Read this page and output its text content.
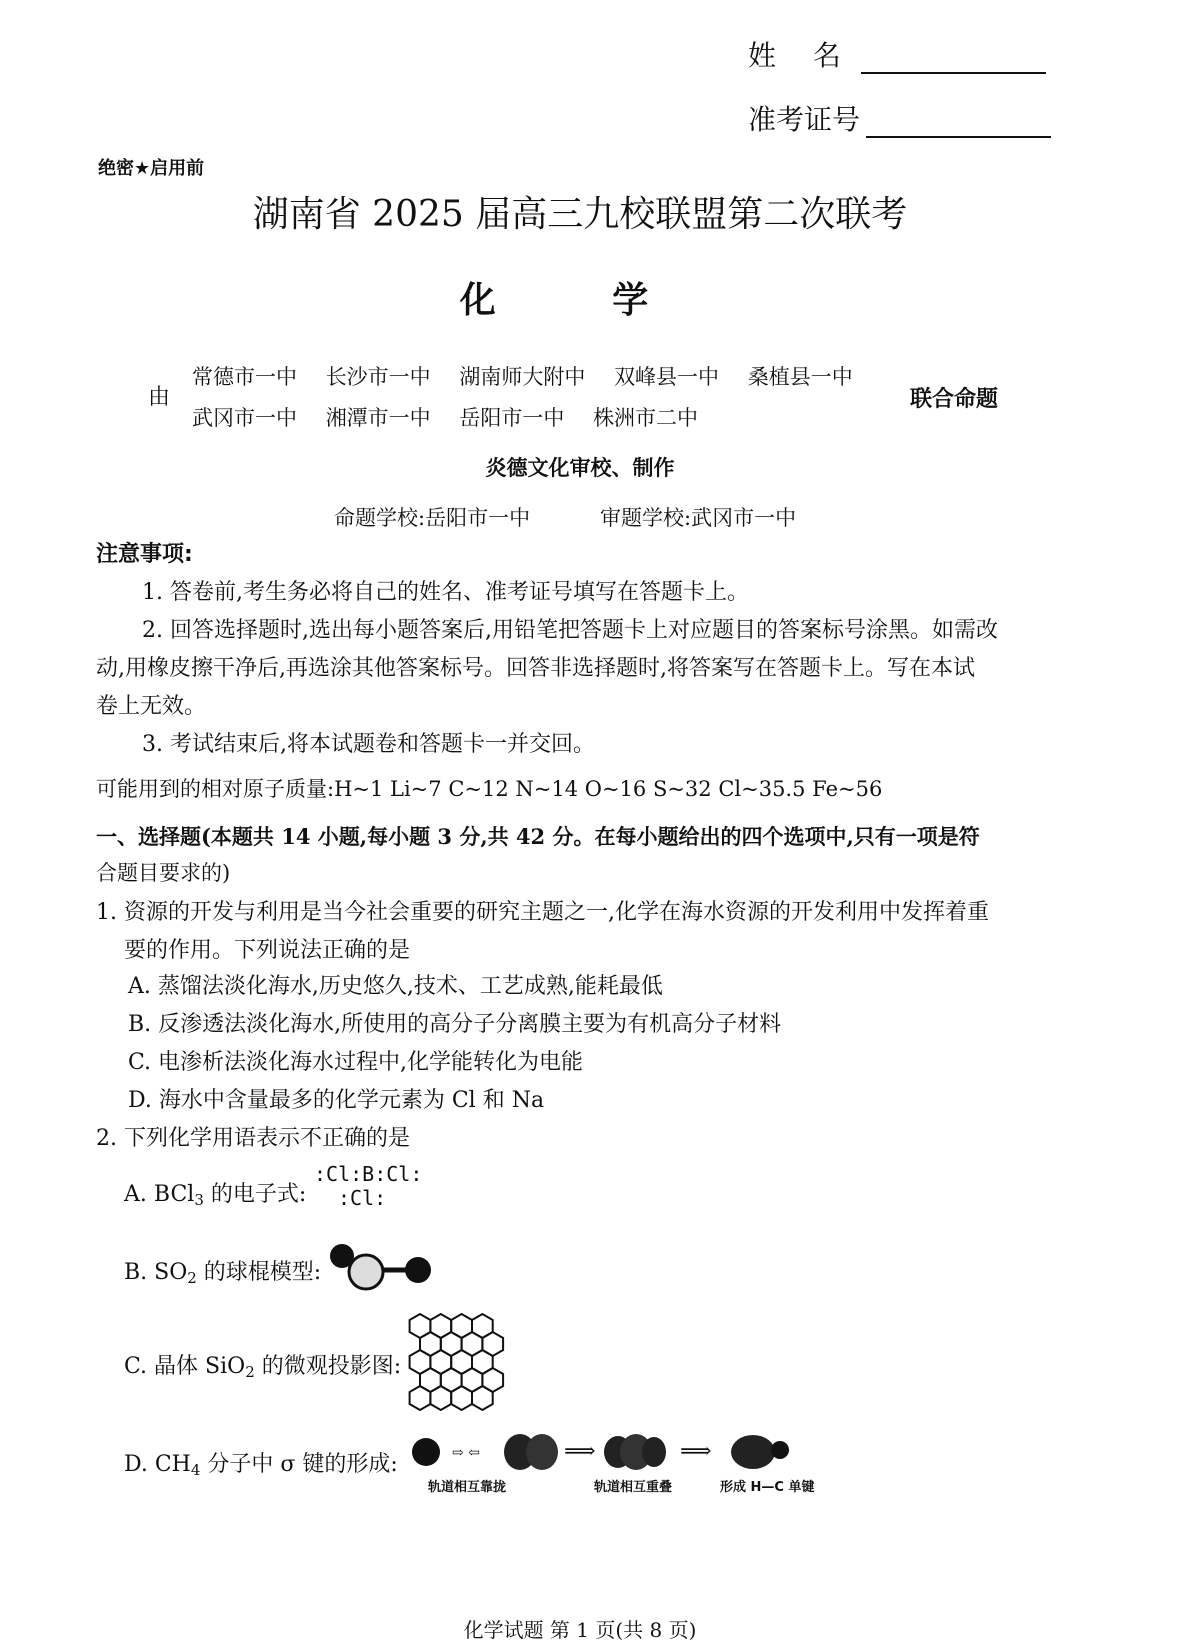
姓 名
准考证号
绝密★启用前
湖南省 2025 届高三九校联盟第二次联考
化 学
由
常德市一中 长沙市一中 湖南师大附中 双峰县一中 桑植县一中
武冈市一中 湘潭市一中 岳阳市一中 株洲市二中
联合命题
炎德文化审校、制作
命题学校:岳阳市一中	审题学校:武冈市一中
注意事项:
1. 答卷前,考生务必将自己的姓名、准考证号填写在答题卡上。
2. 回答选择题时,选出每小题答案后,用铅笔把答题卡上对应题目的答案标号涂黑。如需改
动,用橡皮擦干净后,再选涂其他答案标号。回答非选择题时,将答案写在答题卡上。写在本试
卷上无效。
3. 考试结束后,将本试题卷和答题卡一并交回。
可能用到的相对原子质量:H~1 Li~7 C~12 N~14 O~16 S~32 Cl~35.5 Fe~56
一、选择题(本题共 14 小题,每小题 3 分,共 42 分。在每小题给出的四个选项中,只有一项是符
合题目要求的)
1. 资源的开发与利用是当今社会重要的研究主题之一,化学在海水资源的开发利用中发挥着重
要的作用。下列说法正确的是
A. 蒸馏法淡化海水,历史悠久,技术、工艺成熟,能耗最低
B. 反渗透法淡化海水,所使用的高分子分离膜主要为有机高分子材料
C. 电渗析法淡化海水过程中,化学能转化为电能
D. 海水中含量最多的化学元素为 Cl 和 Na
2. 下列化学用语表示不正确的是
A. BCl$_3$ 的电子式:
:Cl:B:Cl:
:Cl:
B. $SO_2$ 的球棍模型:
C. 晶体 SiO$_2$ 的微观投影图:
D. $CH_4$ 分子中 σ 键的形成:	⇨ ⇦	⟹	⟹
轨道相互靠拢	轨道相互重叠	形成 H—C 单键
化学试题 第 1 页(共 8 页)
